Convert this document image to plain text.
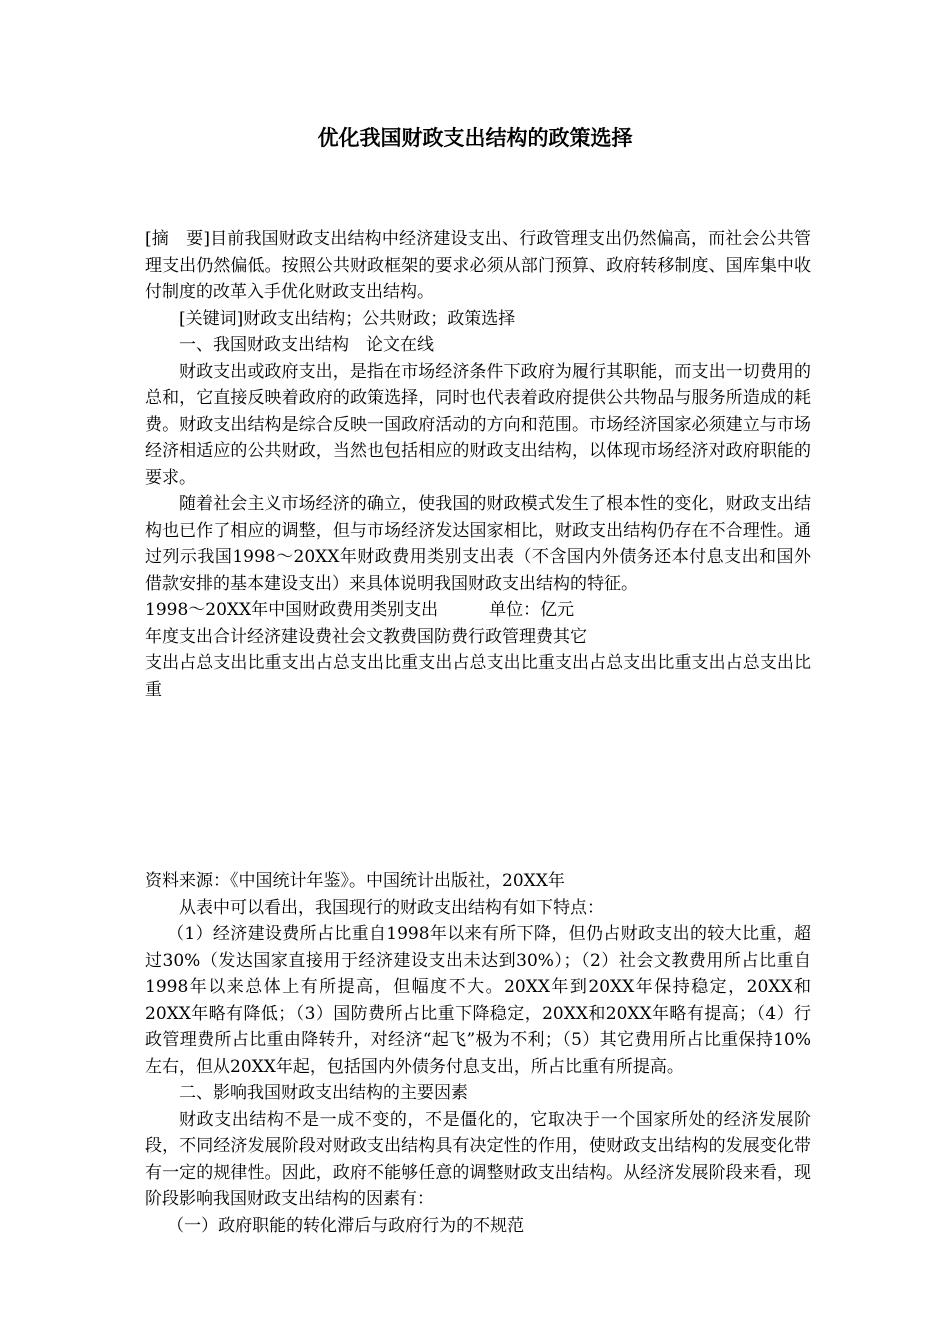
优化我国财政支出结构的政策选择

[摘　要]目前我国财政支出结构中经济建设支出、行政管理支出仍然偏高，而社会公共管理支出仍然偏低。按照公共财政框架的要求必须从部门预算、政府转移制度、国库集中收付制度的改革入手优化财政支出结构。

[关键词]财政支出结构；公共财政；政策选择

一、我国财政支出结构　论文在线

财政支出或政府支出，是指在市场经济条件下政府为履行其职能，而支出一切费用的总和，它直接反映着政府的政策选择，同时也代表着政府提供公共物品与服务所造成的耗费。财政支出结构是综合反映一国政府活动的方向和范围。市场经济国家必须建立与市场经济相适应的公共财政，当然也包括相应的财政支出结构，以体现市场经济对政府职能的要求。

随着社会主义市场经济的确立，使我国的财政模式发生了根本性的变化，财政支出结构也已作了相应的调整，但与市场经济发达国家相比，财政支出结构仍存在不合理性。通过列示我国1998～20XX年财政费用类别支出表（不含国内外债务还本付息支出和国外借款安排的基本建设支出）来具体说明我国财政支出结构的特征。

1998～20XX年中国财政费用类别支出　　　单位：亿元

年度支出合计经济建设费社会文教费国防费行政管理费其它

支出占总支出比重支出占总支出比重支出占总支出比重支出占总支出比重支出占总支出比重

资料来源：《中国统计年鉴》。中国统计出版社，20XX年

从表中可以看出，我国现行的财政支出结构有如下特点：

（1）经济建设费所占比重自1998年以来有所下降，但仍占财政支出的较大比重，超过30%（发达国家直接用于经济建设支出未达到30%）；（2）社会文教费用所占比重自1998年以来总体上有所提高，但幅度不大。20XX年到20XX年保持稳定，20XX和20XX年略有降低；（3）国防费所占比重下降稳定，20XX和20XX年略有提高；（4）行政管理费所占比重由降转升，对经济“起飞”极为不利；（5）其它费用所占比重保持10%左右，但从20XX年起，包括国内外债务付息支出，所占比重有所提高。

二、影响我国财政支出结构的主要因素

财政支出结构不是一成不变的，不是僵化的，它取决于一个国家所处的经济发展阶段，不同经济发展阶段对财政支出结构具有决定性的作用，使财政支出结构的发展变化带有一定的规律性。因此，政府不能够任意的调整财政支出结构。从经济发展阶段来看，现阶段影响我国财政支出结构的因素有：

（一）政府职能的转化滞后与政府行为的不规范
